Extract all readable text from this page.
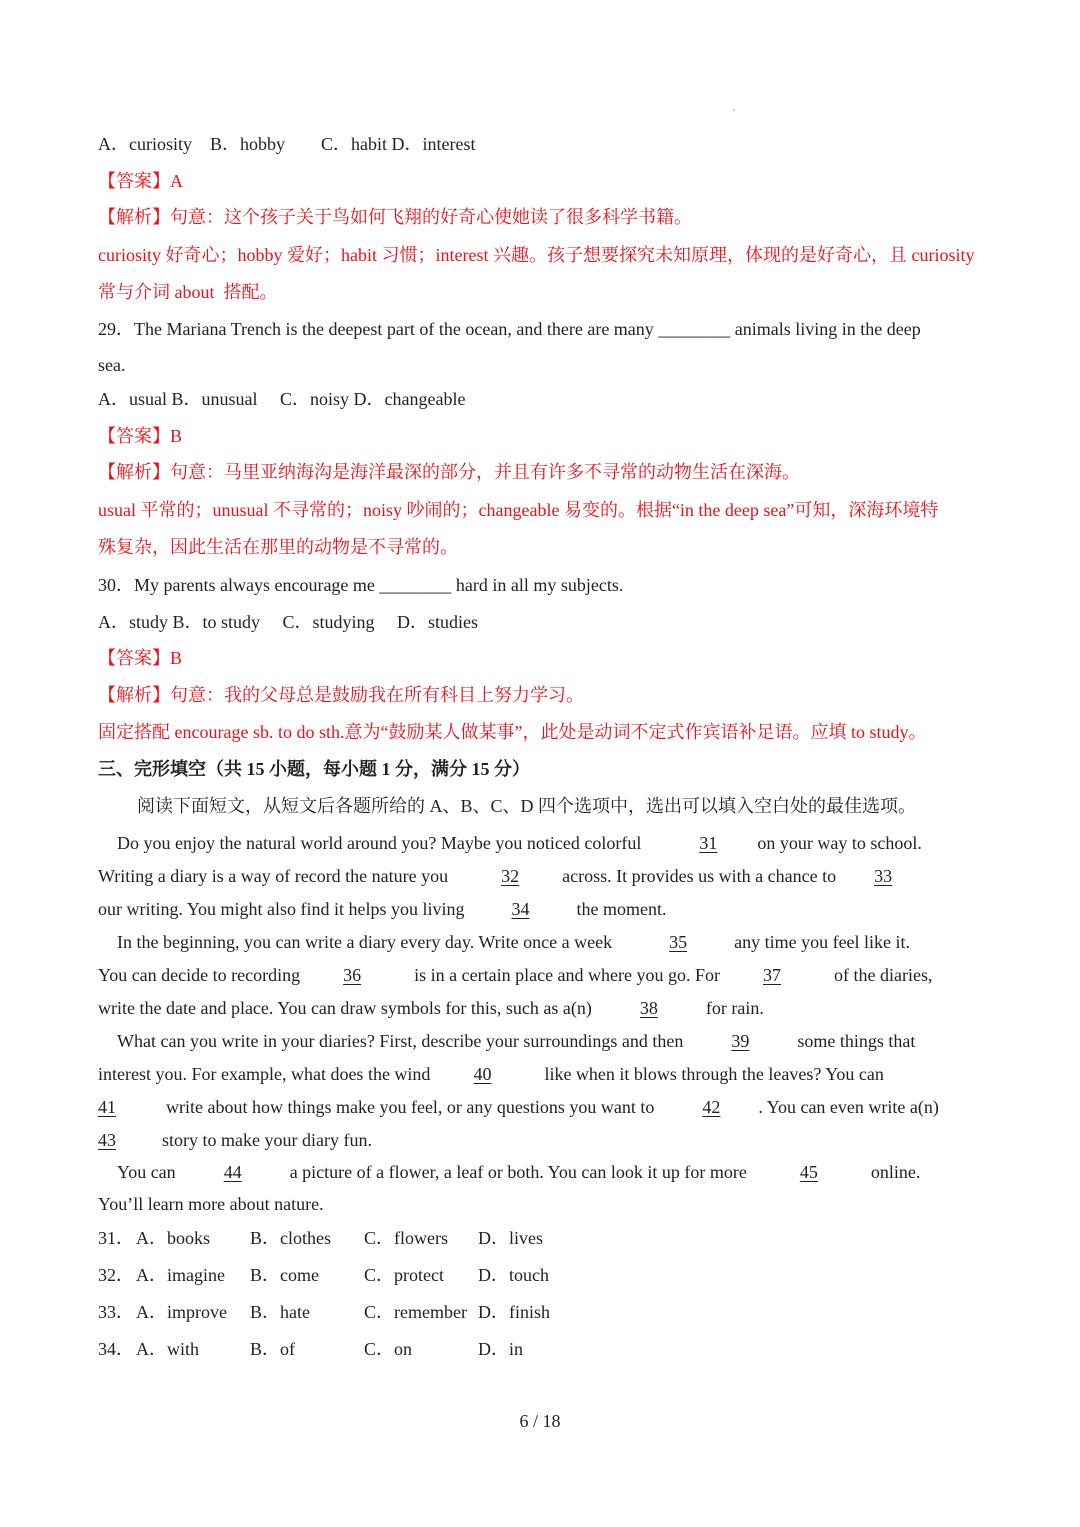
'
A．curiosity　B．hobby　　C．habit D．interest
【答案】A
【解析】句意：这个孩子关于鸟如何飞翔的好奇心使她读了很多科学书籍。
curiosity 好奇心；hobby 爱好；habit 习惯；interest 兴趣。孩子想要探究未知原理，体现的是好奇心，且 curiosity
常与介词 about  搭配。
29．The Mariana Trench is the deepest part of the ocean, and there are many ________ animals living in the deep
sea.
A．usual B．unusual　 C．noisy D．changeable
【答案】B
【解析】句意：马里亚纳海沟是海洋最深的部分，并且有许多不寻常的动物生活在深海。
usual 平常的；unusual 不寻常的；noisy 吵闹的；changeable 易变的。根据“in the deep sea”可知，深海环境特
殊复杂，因此生活在那里的动物是不寻常的。
30．My parents always encourage me ________ hard in all my subjects.
A．study B．to study　 C．studying　 D．studies
【答案】B
【解析】句意：我的父母总是鼓励我在所有科目上努力学习。
固定搭配 encourage sb. to do sth.意为“鼓励某人做某事”，此处是动词不定式作宾语补足语。应填 to study。
三、完形填空（共 15 小题，每小题 1 分，满分 15 分）
阅读下面短文，从短文后各题所给的 A、B、C、D 四个选项中，选出可以填入空白处的最佳选项。
Do you enjoy the natural world around you? Maybe you noticed colorful	31 on your way to school.
Writing a diary is a way of record the nature you	32 across. It provides us with a chance to 33
our writing. You might also find it helps you living	34	the moment.
In the beginning, you can write a diary every day. Write once a week	35	any time you feel like it.
You can decide to recording 36	is in a certain place and where you go. For 37	of the diaries,
write the date and place. You can draw symbols for this, such as a(n)	38	for rain.
What can you write in your diaries? First, describe your surroundings and then	39	some things that
interest you. For example, what does the wind 40	like when it blows through the leaves? You can
41	write about how things make you feel, or any questions you want to	42 . You can even write a(n)
43	story to make your diary fun.
You can	44	a picture of a flower, a leaf or both. You can look it up for more	45	online.
You’ll learn more about nature.
31． A．books B．clothes C．flowers D．lives
32． A．imagine B．come	C．protect D．touch
33． A．improve B．hate	C．remember D．finish
34． A．with	B．of	C．on	D．in
6 / 18
